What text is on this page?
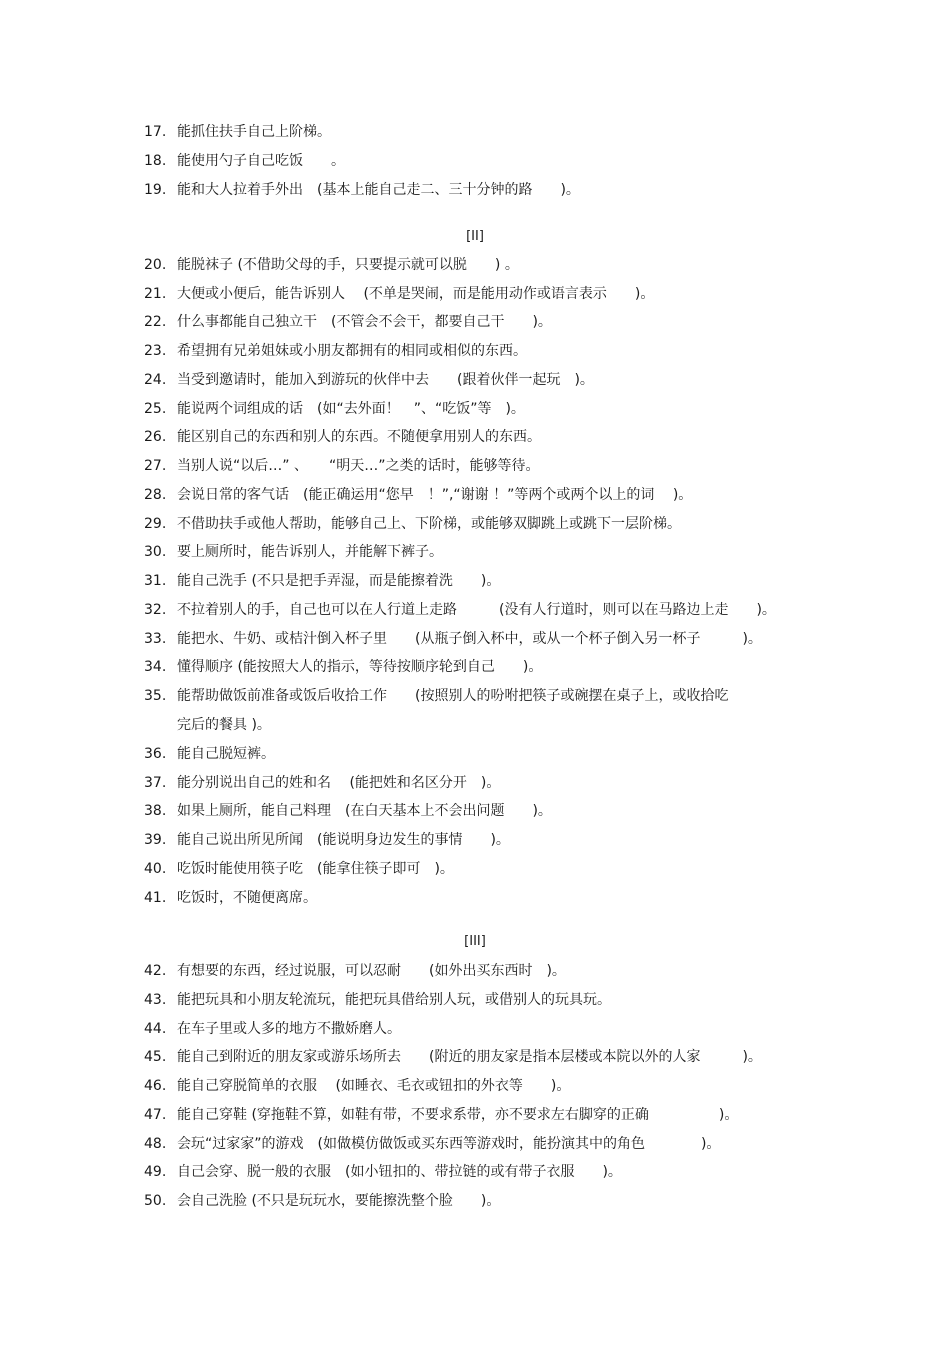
17. 能抓住扶手自己上阶梯。
18. 能使用勺子自己吃饭　　。
19. 能和大人拉着手外出　(基本上能自己走二、三十分钟的路　　)。
[II]
20. 能脱袜子 (不借助父母的手，只要提示就可以脱　　) 。
21. 大便或小便后，能告诉别人　 (不单是哭闹，而是能用动作或语言表示　　)。
22. 什么事都能自己独立干　(不管会不会干，都要自己干　　)。
23. 希望拥有兄弟姐妹或小朋友都拥有的相同或相似的东西。
24. 当受到邀请时，能加入到游玩的伙伴中去　　(跟着伙伴一起玩　)。
25. 能说两个词组成的话　(如“去外面！　”、“吃饭”等　)。
26. 能区别自己的东西和别人的东西。不随便拿用别人的东西。
27. 当别人说“以后…” 、　　“明天…”之类的话时，能够等待。
28. 会说日常的客气话　(能正确运用“您早　！”,“谢谢 ！”等两个或两个以上的词　 )。
29. 不借助扶手或他人帮助，能够自己上、下阶梯，或能够双脚跳上或跳下一层阶梯。
30. 要上厕所时，能告诉别人，并能解下裤子。
31. 能自己洗手 (不只是把手弄湿，而是能擦着洗　　)。
32. 不拉着别人的手，自己也可以在人行道上走路　　　(没有人行道时，则可以在马路边上走　　)。
33. 能把水、牛奶、或桔汁倒入杯子里　　(从瓶子倒入杯中，或从一个杯子倒入另一杯子　　　)。
34. 懂得顺序 (能按照大人的指示，等待按顺序轮到自己　　)。
35. 能帮助做饭前准备或饭后收拾工作　　(按照别人的吩咐把筷子或碗摆在桌子上，或收拾吃
完后的餐具 )。
36. 能自己脱短裤。
37. 能分别说出自己的姓和名　 (能把姓和名区分开　)。
38. 如果上厕所，能自己料理　(在白天基本上不会出问题　　)。
39. 能自己说出所见所闻　(能说明身边发生的事情　　)。
40. 吃饭时能使用筷子吃　(能拿住筷子即可　)。
41. 吃饭时，不随便离席。
[III]
42. 有想要的东西，经过说服，可以忍耐　　(如外出买东西时　)。
43. 能把玩具和小朋友轮流玩，能把玩具借给别人玩，或借别人的玩具玩。
44. 在车子里或人多的地方不撒娇磨人。
45. 能自己到附近的朋友家或游乐场所去　　(附近的朋友家是指本层楼或本院以外的人家　　　)。
46. 能自己穿脱简单的衣服　 (如睡衣、毛衣或钮扣的外衣等　　)。
47. 能自己穿鞋 (穿拖鞋不算，如鞋有带，不要求系带，亦不要求左右脚穿的正确　　　　　)。
48. 会玩“过家家”的游戏　(如做模仿做饭或买东西等游戏时，能扮演其中的角色　　　　)。
49. 自己会穿、脱一般的衣服　(如小钮扣的、带拉链的或有带子衣服　　)。
50. 会自己洗脸 (不只是玩玩水，要能擦洗整个脸　　)。
